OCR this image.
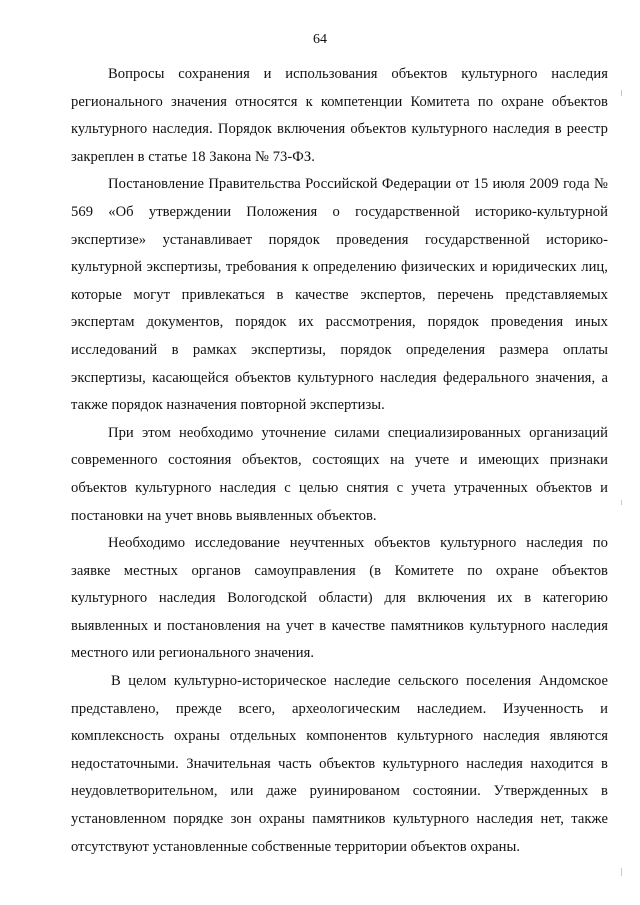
64

Вопросы сохранения и использования объектов культурного наследия регионального значения относятся к компетенции Комитета по охране объектов культурного наследия. Порядок включения объектов культурного наследия в реестр закреплен в статье 18 Закона № 73-ФЗ.

Постановление Правительства Российской Федерации от 15 июля 2009 года № 569 «Об утверждении Положения о государственной историко-культурной экспертизе» устанавливает порядок проведения государственной историко-культурной экспертизы, требования к определению физических и юридических лиц, которые могут привлекаться в качестве экспертов, перечень представляемых экспертам документов, порядок их рассмотрения, порядок проведения иных исследований в рамках экспертизы, порядок определения размера оплаты экспертизы, касающейся объектов культурного наследия федерального значения, а также порядок назначения повторной экспертизы.

При этом необходимо уточнение силами специализированных организаций современного состояния объектов, состоящих на учете и имеющих признаки объектов культурного наследия с целью снятия с учета утраченных объектов и постановки на учет вновь выявленных объектов.

Необходимо исследование неучтенных объектов культурного наследия по заявке местных органов самоуправления (в Комитете по охране объектов культурного наследия Вологодской области) для включения их в категорию выявленных и постановления на учет в качестве памятников культурного наследия местного или регионального значения.

В целом культурно-историческое наследие сельского поселения Андомское представлено, прежде всего, археологическим наследием. Изученность и комплексность охраны отдельных компонентов культурного наследия являются недостаточными. Значительная часть объектов культурного наследия находится в неудовлетворительном, или даже руинированом состоянии. Утвержденных в установленном порядке зон охраны памятников культурного наследия нет, также отсутствуют установленные собственные территории объектов охраны.
